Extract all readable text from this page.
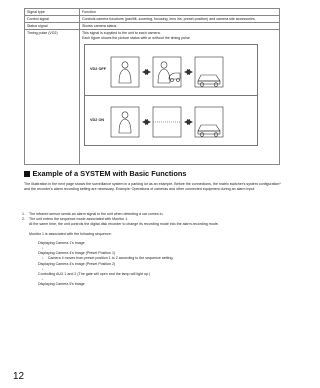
Signal type	Function
Control signal	Controls camera functions (pan/tilt, zooming, focusing, lens iris, preset position) and camera site accessories.
Status signal	Shows camera status.
Timing pulse (VD2)	This signal is supplied to the unit to each camera.
Each figure shows the picture status with or without the timing pulse.
VD2 OFF
VD2 ON
Example of a SYSTEM with Basic Functions

The illustration in the next page shows the surveillance system in a parking lot as an example. Before the connections, the matrix switcher's system configuration* and the recorder's alarm recording setting are necessary. Example: Operations of cameras and other connected equipment during an alarm input

1. The infrared sensor sends an alarm signal to the unit when detecting a car comes in.
2. The unit enters the sequence mode associated with Monitor 1.
At the same time, the unit controls the digital disk recorder to change its recording mode into the alarm-recording mode.
Monitor 1 is associated with the following sequence:
Displaying Camera 1's image
↓
Displaying Camera 4's image (Preset Position 1)
↓ Camera 4 moves from preset position 1 to 2 according to the sequence setting.
Displaying Camera 4's image (Preset Position 2)
↓
Controlling AUX 1 and 2 (The gate will open and the lamp will light up.)
↓
Displaying Camera 5's image
12
